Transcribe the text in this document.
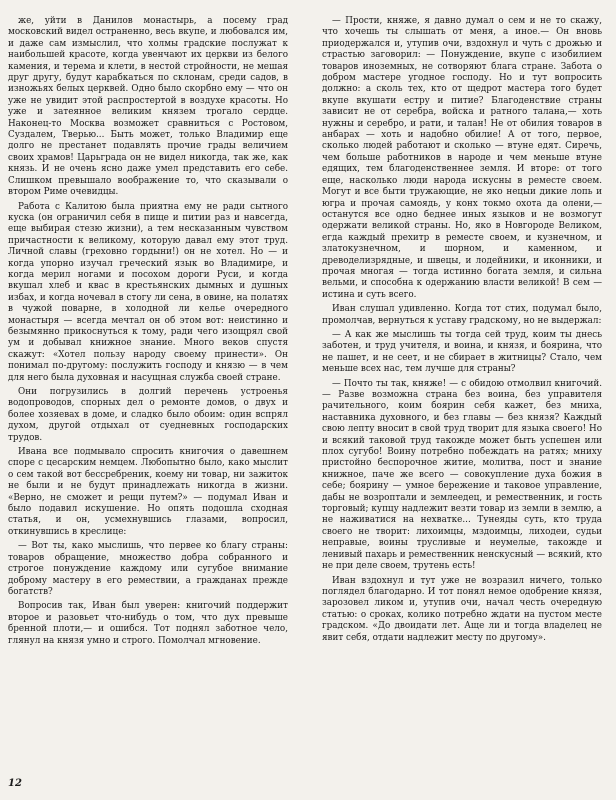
же, уйти в Данилов монастырь, а посему град московский видел остраненно, весь вкупе, и любовался им, и даже сам измыслил, что холмы градские послужат к наибольшей красоте, когда увенчают их церкви из белого камения, и терема и клети, в нестой стройности, не мешая друг другу, будут карабкаться по склонам, среди садов, в изножьях белых церквей. Одно было скорбно ему — что он уже не увидит этой распростертой в воздухе красоты. Но уже и затеянное великим князем трогало сердце. Наконец-то Москва возможет сравниться с Ростовом, Суздалем, Тверью... Быть может, только Владимир еще долго не престанет подавлять прочие грады величием своих храмов! Царьграда он не видел никогда, так же, как князь. И не очень ясно даже умел представить его себе. Слишком превышало воображение то, что сказывали о втором Риме очевидцы.

Работа с Калитою была приятна ему не ради сытного куска (он ограничил себя в пище и питии раз и навсегда, еще выбирая стезю жизни), а тем несказанным чувством причастности к великому, которую давал ему этот труд. Личной славы (греховно гордыни!) он не хотел. Но — и когда упорно изучал греческий язык во Владимире, и когда мерил ногами и посохом дороги Руси, и когда вкушал хлеб и квас в крестьянских дымных и душных избах, и когда ночевал в стогу ли сена, в овине, на полатях в чужой поварне, в холодной ли келье очередного монастыря — всегда мечтал он об этом вот: неистинно и безымянно прикоснуться к тому, ради чего изощрял свой ум и добывал книжное знание. Много веков спустя скажут: «Хотел пользу народу своему принести». Он понимал по-другому: послужить господу и князю — в чем для него была духовная и насущная служба своей стране.

Они погрузились в долгий перечень устроенья водопроводов, спорных дел о ремонте домов, о двух и более хозяевах в доме, и сладко было обоим: один вспрял духом, другой отдыхал от суедневных господарских трудов.

Ивана все подмывало спросить книгочия о давешнем споре с цесарским немцем. Любопытно было, како мыслит о сем такой вот бессребреник, коему ни товар, ни зажиток не были и не будут принадлежать никогда в жизни. «Верно, не сможет и рещи путем?» — подумал Иван и было подавил искушение. Но опять подошла сходная статья, и он, усмехнувшись глазами, вопросил, откинувшись в креслице:

— Вот ты, како мыслишь, что первее ко благу страны: товаров обращение, множество добра собранного и строгое понуждение каждому или сугубое внимание доброму мастеру в его ремествии, а гражданах прежде богатств?

Вопросив так, Иван был уверен: книгочий поддержит второе и разовьет что-нибудь о том, что дух превыше бренной плоти,— и ошибся. Тот поднял заботное чело, глянул на князя умно и строго. Помолчал мгновение.

— Прости, княже, я давно думал о сем и не то скажу, что хочешь ты слышать от меня, а иное.— Он вновь приодержался и, утупив очи, вздохнул и чуть с дрожью и страстью заговорил: — Понуждение, вкупе с изобилием товаров иноземных, не сотворяют блага стране. Забота о добром мастере угодное господу. Но и тут вопросить должно: а сколь тех, кто от щедрот мастера того будет вкупе вкушати естру и питие? Благоденствие страны зависит не от серебра, войска и ратного талана,— хоть нужны и серебро, и рати, и талан! Не от обилия товаров в анбарах — хоть и надобно обилие! А от того, первое, сколько людей работают и сколько — втуне едят. Сиречь, чем больше работников в народе и чем меньше втуне едящих, тем благоденственнее земля. И вторе: от того еще, насколько люди народа искусны в реместе своем. Могут и все быти тружающие, не яко нецыи дикие лопь и югра и прочая самоядь, у конх токмо охота да олени,— останутся все одно беднее иных языков и не возмогут одержати великой страны. Но, яко в Новгороде Великом, егда каждый прехитр в реместе своем, и кузнечном, и златокузнечном, и шорном, и каменном, и древоделизрядные, и швецы, и лодейники, и иконники, и прочая многая — тогда истинно богата земля, и сильна вельми, и способна к одержанию власти великой! В сем — истина и суть всего.

Иван слушал удивленно. Когда тот стих, подумал было, промолчав, вернуться к уставу градскому, но не выдержал:

— А как же мыслишь ты тогда сей труд, коим ты днесь заботен, и труд учителя, и воина, и князя, и боярина, что не пашет, и не сеет, и не сбирает в житницы? Стало, чем меньше всех нас, тем лучше для страны?

— Почто ты так, княже! — с обидою отмолвил книгочий.— Разве возможна страна без воина, без управителя рачительного, коим боярин себя кажет, без мниха, наставника духовного, и без главы — без князя? Каждый свою лепту вносит в свой труд творит для языка своего! Но и всякий таковой труд такожде может быть успешен или плох сугубо! Воину потребно побеждать на ратях; мниху пристойно беспорочное житие, молитва, пост и знание книжное, паче же всего — совокупление духа божия в себе; боярину — умное бережение и таковое управление, дабы не возроптали и землеедец, и ремественник, и гость торговый; купцу надлежит везти товар из земли в землю, а не наживатися на нехватке... Тунеяды суть, кто труда своего не творит: лихоимцы, мздоимцы, лиходеи, судьи неправые, воины трусливые и неумелые, такожде и ленивый пахарь и ремественник ненскусный — всякий, кто не при деле своем, трутень есть!

Иван вздохнул и тут уже не возразил ничего, только поглядел благодарно. И тот понял немое одобрение князя, зарозовел ликом и, утупив очи, начал честь очередную статью: о сроках, колико потребно ждати на пустом месте градском. «До двоидати лет. Аще ли и тогда владелец не явит себя, отдати надлежит месту по другому».

12
